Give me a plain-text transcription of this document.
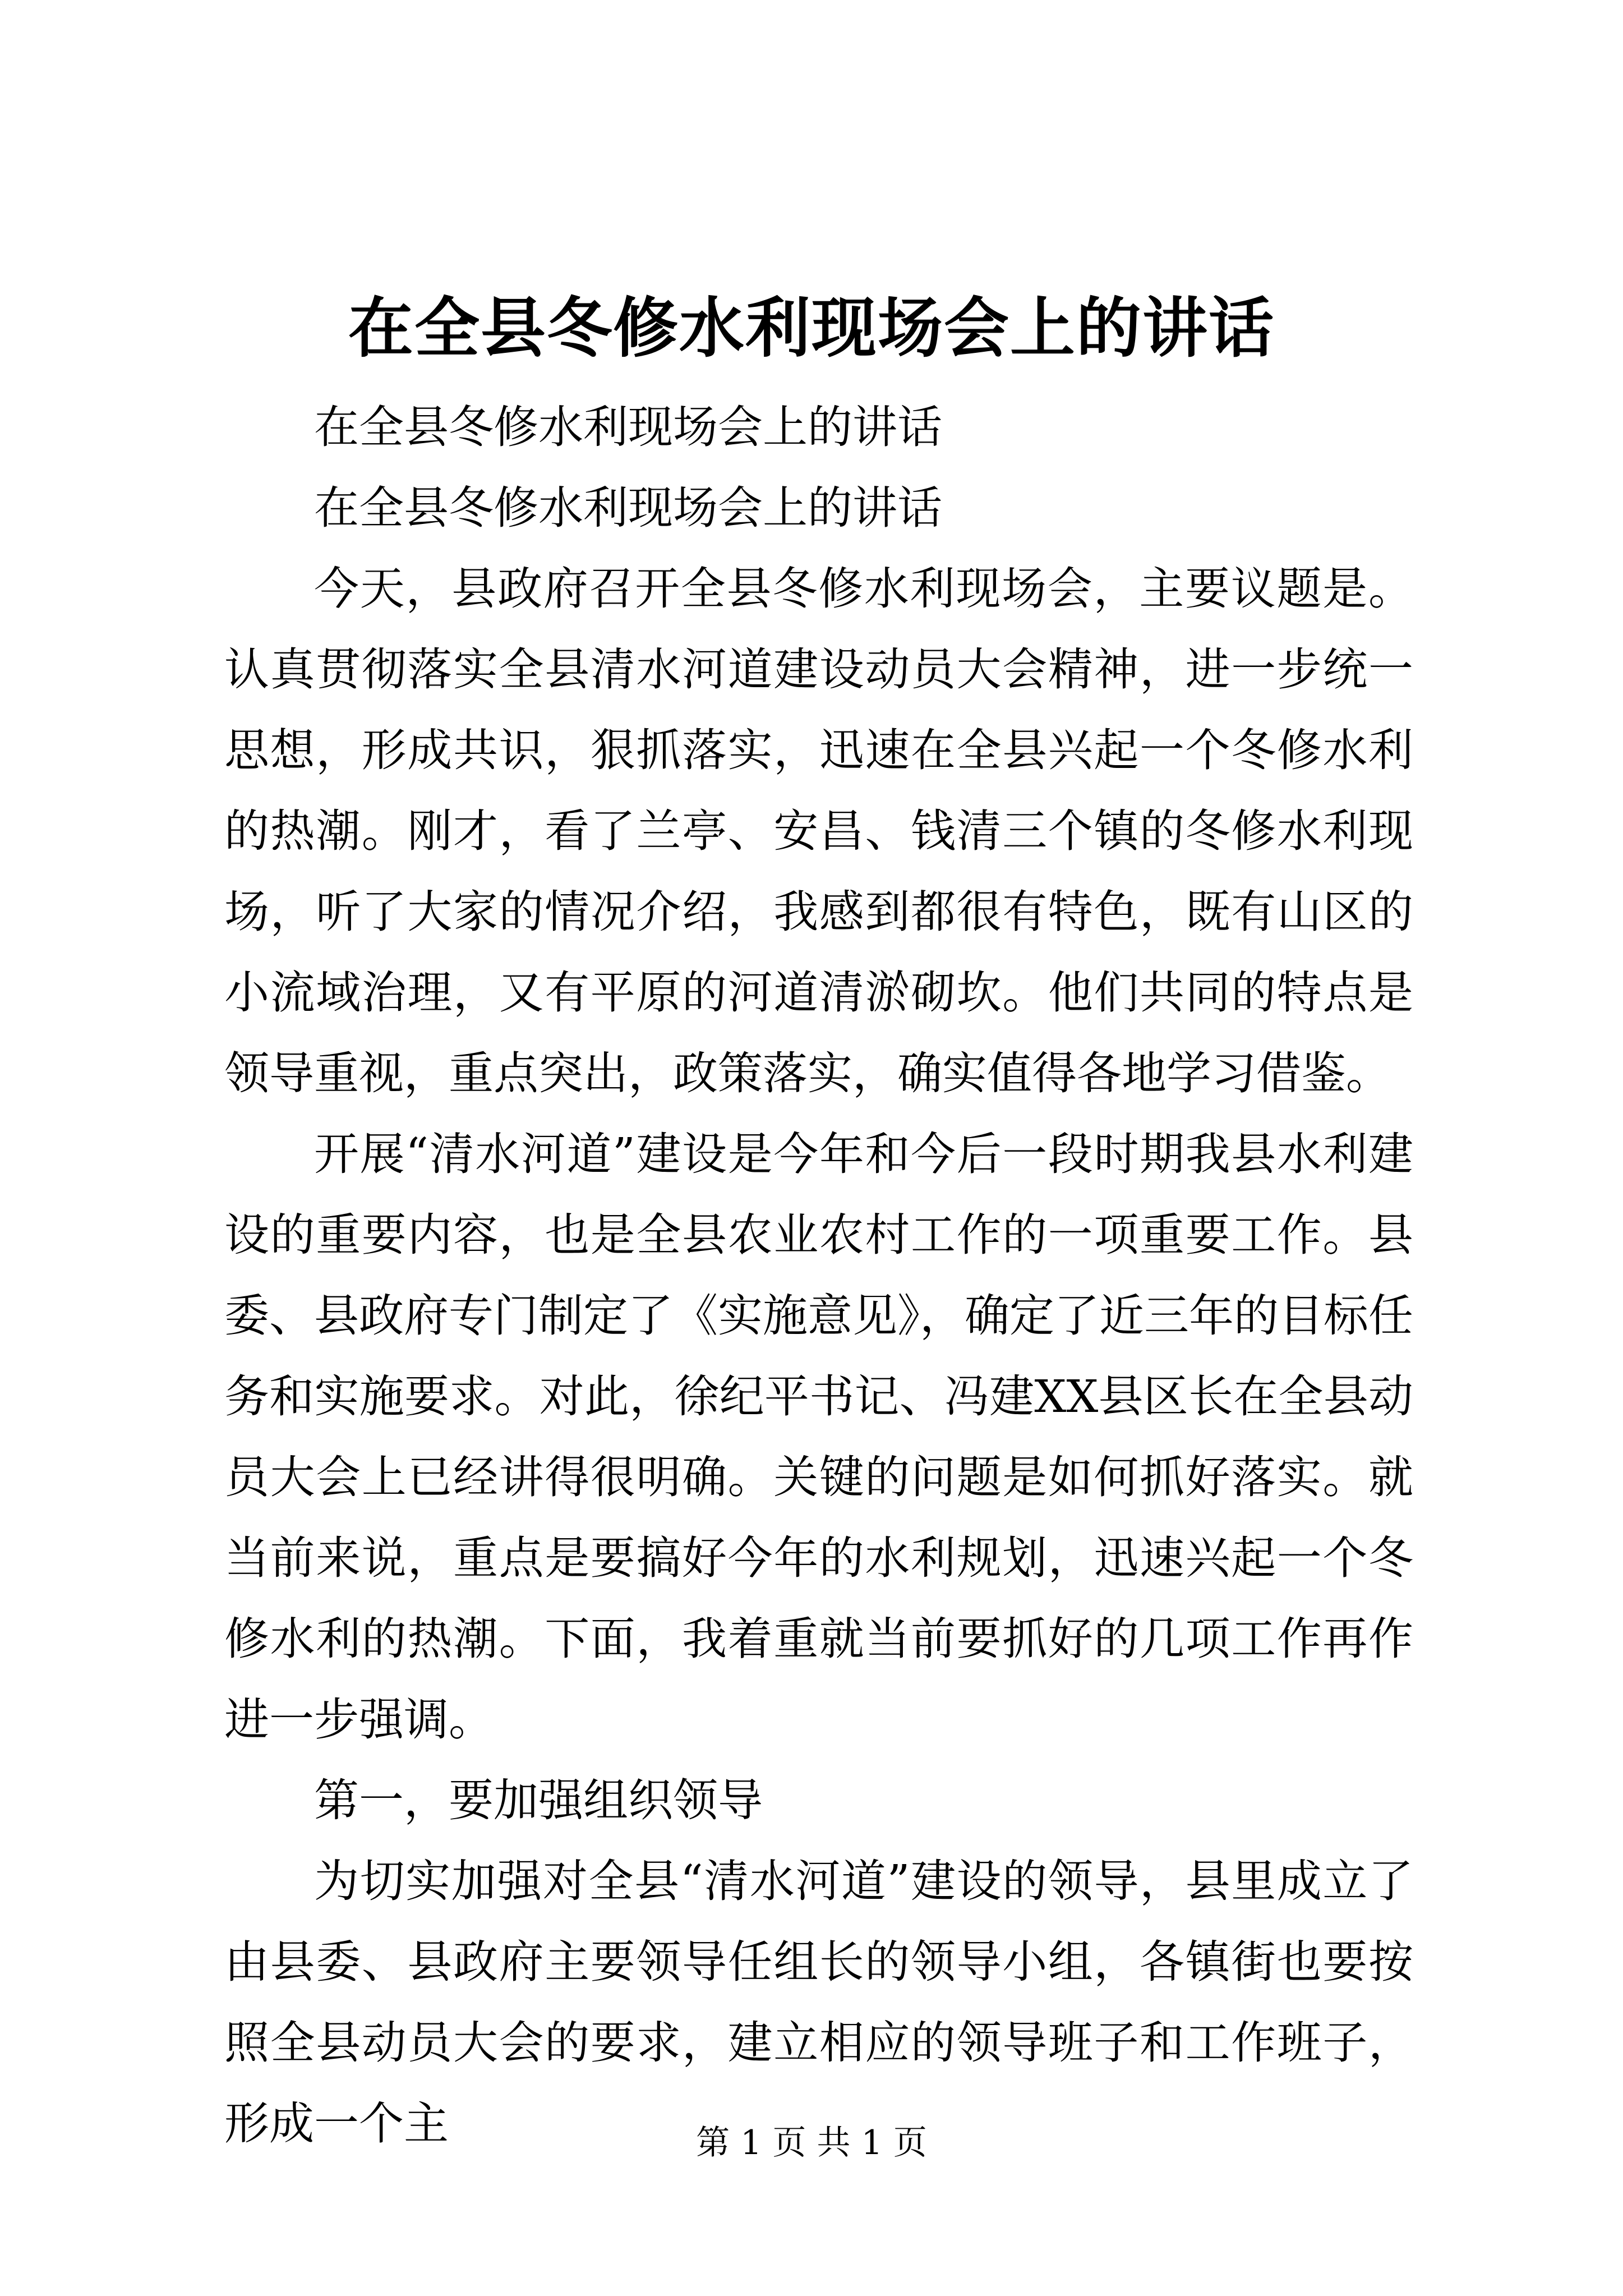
在全县冬修水利现场会上的讲话

在全县冬修水利现场会上的讲话

在全县冬修水利现场会上的讲话

今天，县政府召开全县冬修水利现场会，主要议题是。认真贯彻落实全县清水河道建设动员大会精神，进一步统一思想，形成共识，狠抓落实，迅速在全县兴起一个冬修水利的热潮。刚才，看了兰亭、安昌、钱清三个镇的冬修水利现场，听了大家的情况介绍，我感到都很有特色，既有山区的小流域治理，又有平原的河道清淤砌坎。他们共同的特点是领导重视，重点突出，政策落实，确实值得各地学习借鉴。

开展“清水河道”建设是今年和今后一段时期我县水利建设的重要内容，也是全县农业农村工作的一项重要工作。县委、县政府专门制定了《实施意见》，确定了近三年的目标任务和实施要求。对此，徐纪平书记、冯建XX县区长在全县动员大会上已经讲得很明确。关键的问题是如何抓好落实。就当前来说，重点是要搞好今年的水利规划，迅速兴起一个冬修水利的热潮。下面，我着重就当前要抓好的几项工作再作进一步强调。

第一，要加强组织领导

为切实加强对全县“清水河道”建设的领导，县里成立了由县委、县政府主要领导任组长的领导小组，各镇街也要按照全县动员大会的要求，建立相应的领导班子和工作班子，形成一个主	第 1 页 共 1 页
